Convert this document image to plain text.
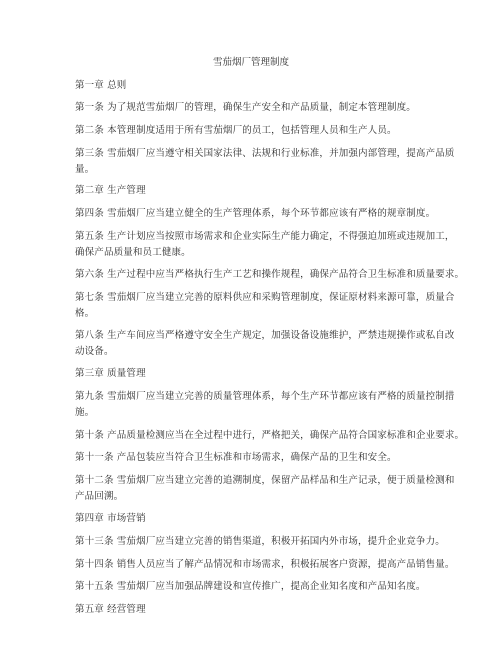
雪茄烟厂管理制度
第一章 总则
第一条 为了规范雪茄烟厂的管理，确保生产安全和产品质量，制定本管理制度。
第二条 本管理制度适用于所有雪茄烟厂的员工，包括管理人员和生产人员。
第三条 雪茄烟厂应当遵守相关国家法律、法规和行业标准，并加强内部管理，提高产品质
量。
第二章 生产管理
第四条 雪茄烟厂应当建立健全的生产管理体系，每个环节都应该有严格的规章制度。
第五条 生产计划应当按照市场需求和企业实际生产能力确定，不得强迫加班或违规加工，
确保产品质量和员工健康。
第六条 生产过程中应当严格执行生产工艺和操作规程，确保产品符合卫生标准和质量要求。
第七条 雪茄烟厂应当建立完善的原料供应和采购管理制度，保证原材料来源可靠，质量合
格。
第八条 生产车间应当严格遵守安全生产规定，加强设备设施维护，严禁违规操作或私自改
动设备。
第三章 质量管理
第九条 雪茄烟厂应当建立完善的质量管理体系，每个生产环节都应该有严格的质量控制措
施。
第十条 产品质量检测应当在全过程中进行，严格把关，确保产品符合国家标准和企业要求。
第十一条 产品包装应当符合卫生标准和市场需求，确保产品的卫生和安全。
第十二条 雪茄烟厂应当建立完善的追溯制度，保留产品样品和生产记录，便于质量检测和
产品回溯。
第四章 市场营销
第十三条 雪茄烟厂应当建立完善的销售渠道，积极开拓国内外市场，提升企业竞争力。
第十四条 销售人员应当了解产品情况和市场需求，积极拓展客户资源，提高产品销售量。
第十五条 雪茄烟厂应当加强品牌建设和宣传推广，提高企业知名度和产品知名度。
第五章 经营管理
